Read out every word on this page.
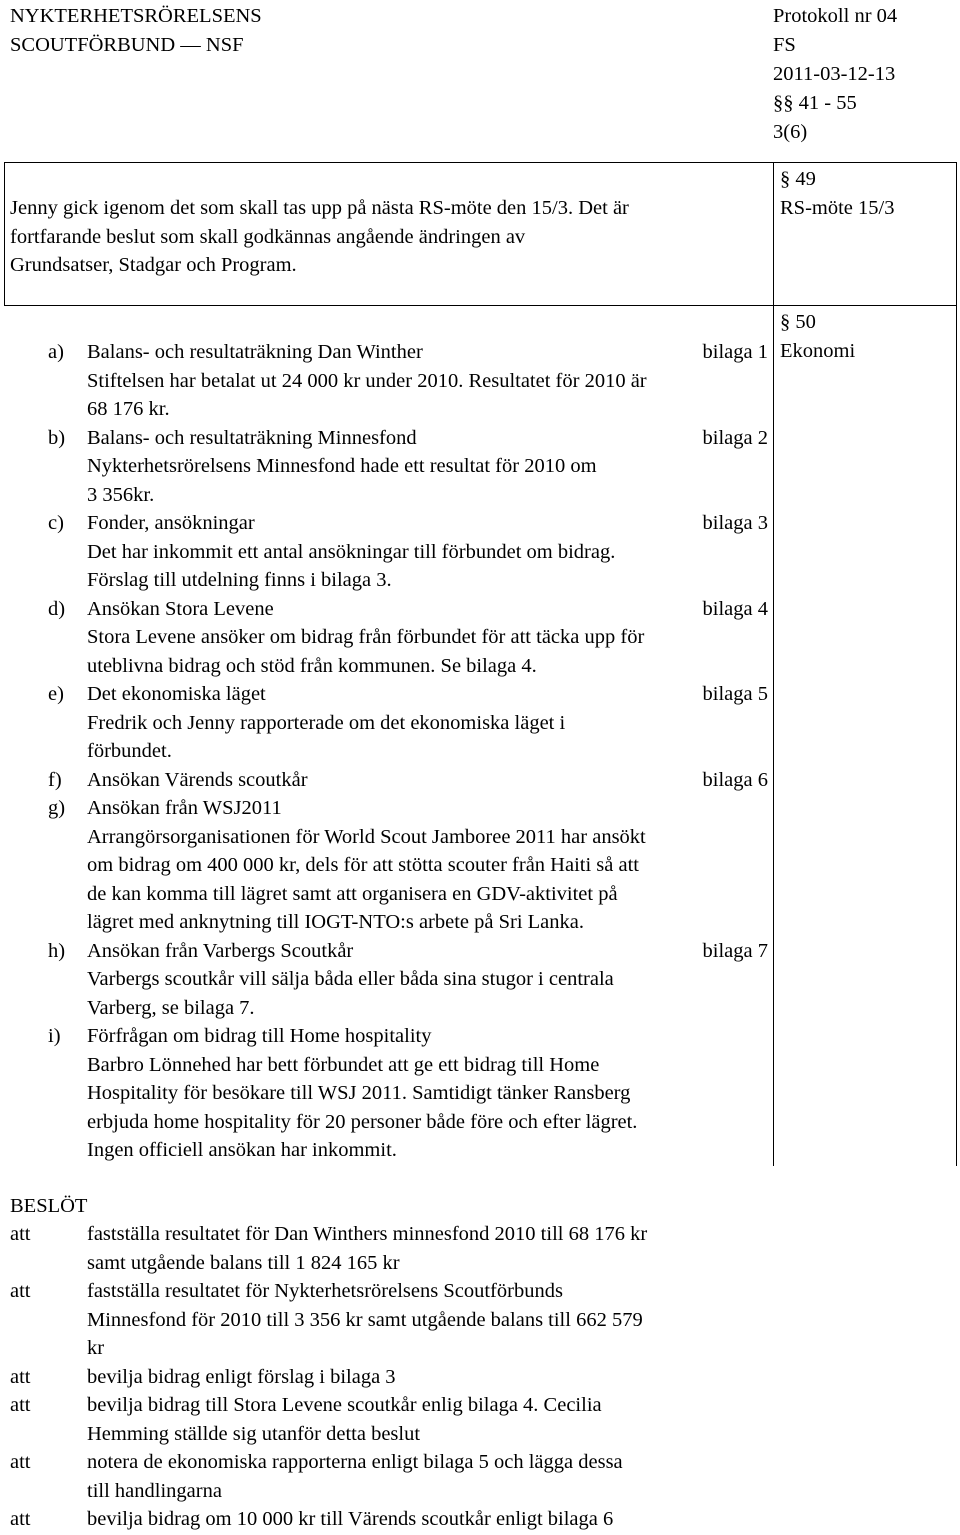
NYKTERHETSRÖRELSENS
SCOUTFÖRBUND — NSF
Protokoll nr 04
FS
2011-03-12-13
§§ 41 - 55
3(6)
Jenny gick igenom det som skall tas upp på nästa RS-möte den 15/3. Det är
fortfarande beslut som skall godkännas angående ändringen av
Grundsatser, Stadgar och Program.
§ 49
RS-möte 15/3
§ 50
Ekonomi
a) Balans- och resultaträkning Dan Winther	bilaga 1
Stiftelsen har betalat ut 24 000 kr under 2010. Resultatet för 2010 är
68 176 kr.
b) Balans- och resultaträkning Minnesfond	bilaga 2
Nykterhetsrörelsens Minnesfond hade ett resultat för 2010 om
3 356kr.
c) Fonder, ansökningar	bilaga 3
Det har inkommit ett antal ansökningar till förbundet om bidrag.
Förslag till utdelning finns i bilaga 3.
d) Ansökan Stora Levene	bilaga 4
Stora Levene ansöker om bidrag från förbundet för att täcka upp för
uteblivna bidrag och stöd från kommunen. Se bilaga 4.
e) Det ekonomiska läget	bilaga 5
Fredrik och Jenny rapporterade om det ekonomiska läget i
förbundet.
f) Ansökan Värends scoutkår	bilaga 6
g) Ansökan från WSJ2011
Arrangörsorganisationen för World Scout Jamboree 2011 har ansökt
om bidrag om 400 000 kr, dels för att stötta scouter från Haiti så att
de kan komma till lägret samt att organisera en GDV-aktivitet på
lägret med anknytning till IOGT-NTO:s arbete på Sri Lanka.
h) Ansökan från Varbergs Scoutkår	bilaga 7
Varbergs scoutkår vill sälja båda eller båda sina stugor i centrala
Varberg, se bilaga 7.
i) Förfrågan om bidrag till Home hospitality
Barbro Lönnehed har bett förbundet att ge ett bidrag till Home
Hospitality för besökare till WSJ 2011. Samtidigt tänker Ransberg
erbjuda home hospitality för 20 personer både före och efter lägret.
Ingen officiell ansökan har inkommit.
BESLÖT
att	fastställa resultatet för Dan Winthers minnesfond 2010 till 68 176 kr
samt utgående balans till 1 824 165 kr
att	fastställa resultatet för Nykterhetsrörelsens Scoutförbunds
Minnesfond för 2010 till 3 356 kr samt utgående balans till 662 579
kr
att	bevilja bidrag enligt förslag i bilaga 3
att	bevilja bidrag till Stora Levene scoutkår enlig bilaga 4. Cecilia
Hemming ställde sig utanför detta beslut
att	notera de ekonomiska rapporterna enligt bilaga 5 och lägga dessa
till handlingarna
att	bevilja bidrag om 10 000 kr till Värends scoutkår enligt bilaga 6
